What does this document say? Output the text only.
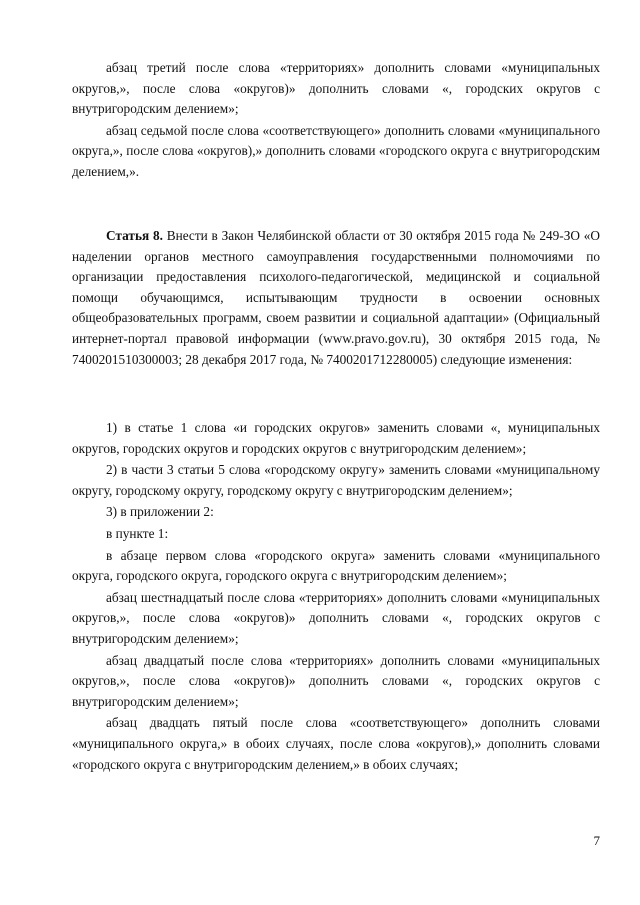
абзац третий после слова «территориях» дополнить словами «муниципальных округов,», после слова «округов)» дополнить словами «, городских округов с внутригородским делением»;

абзац седьмой после слова «соответствующего» дополнить словами «муниципального округа,», после слова «округов),» дополнить словами «городского округа с внутригородским делением,».

Статья 8. Внести в Закон Челябинской области от 30 октября 2015 года № 249-ЗО «О наделении органов местного самоуправления государственными полномочиями по организации предоставления психолого-педагогической, медицинской и социальной помощи обучающимся, испытывающим трудности в освоении основных общеобразовательных программ, своем развитии и социальной адаптации» (Официальный интернет-портал правовой информации (www.pravo.gov.ru), 30 октября 2015 года, № 7400201510300003; 28 декабря 2017 года, № 7400201712280005) следующие изменения:

1) в статье 1 слова «и городских округов» заменить словами «, муниципальных округов, городских округов и городских округов с внутригородским делением»;

2) в части 3 статьи 5 слова «городскому округу» заменить словами «муниципальному округу, городскому округу, городскому округу с внутригородским делением»;

3) в приложении 2:

в пункте 1:

в абзаце первом слова «городского округа» заменить словами «муниципального округа, городского округа, городского округа с внутригородским делением»;

абзац шестнадцатый после слова «территориях» дополнить словами «муниципальных округов,», после слова «округов)» дополнить словами «, городских округов с внутригородским делением»;

абзац двадцатый после слова «территориях» дополнить словами «муниципальных округов,», после слова «округов)» дополнить словами «, городских округов с внутригородским делением»;

абзац двадцать пятый после слова «соответствующего» дополнить словами «муниципального округа,» в обоих случаях, после слова «округов),» дополнить словами «городского округа с внутригородским делением,» в обоих случаях;

7
